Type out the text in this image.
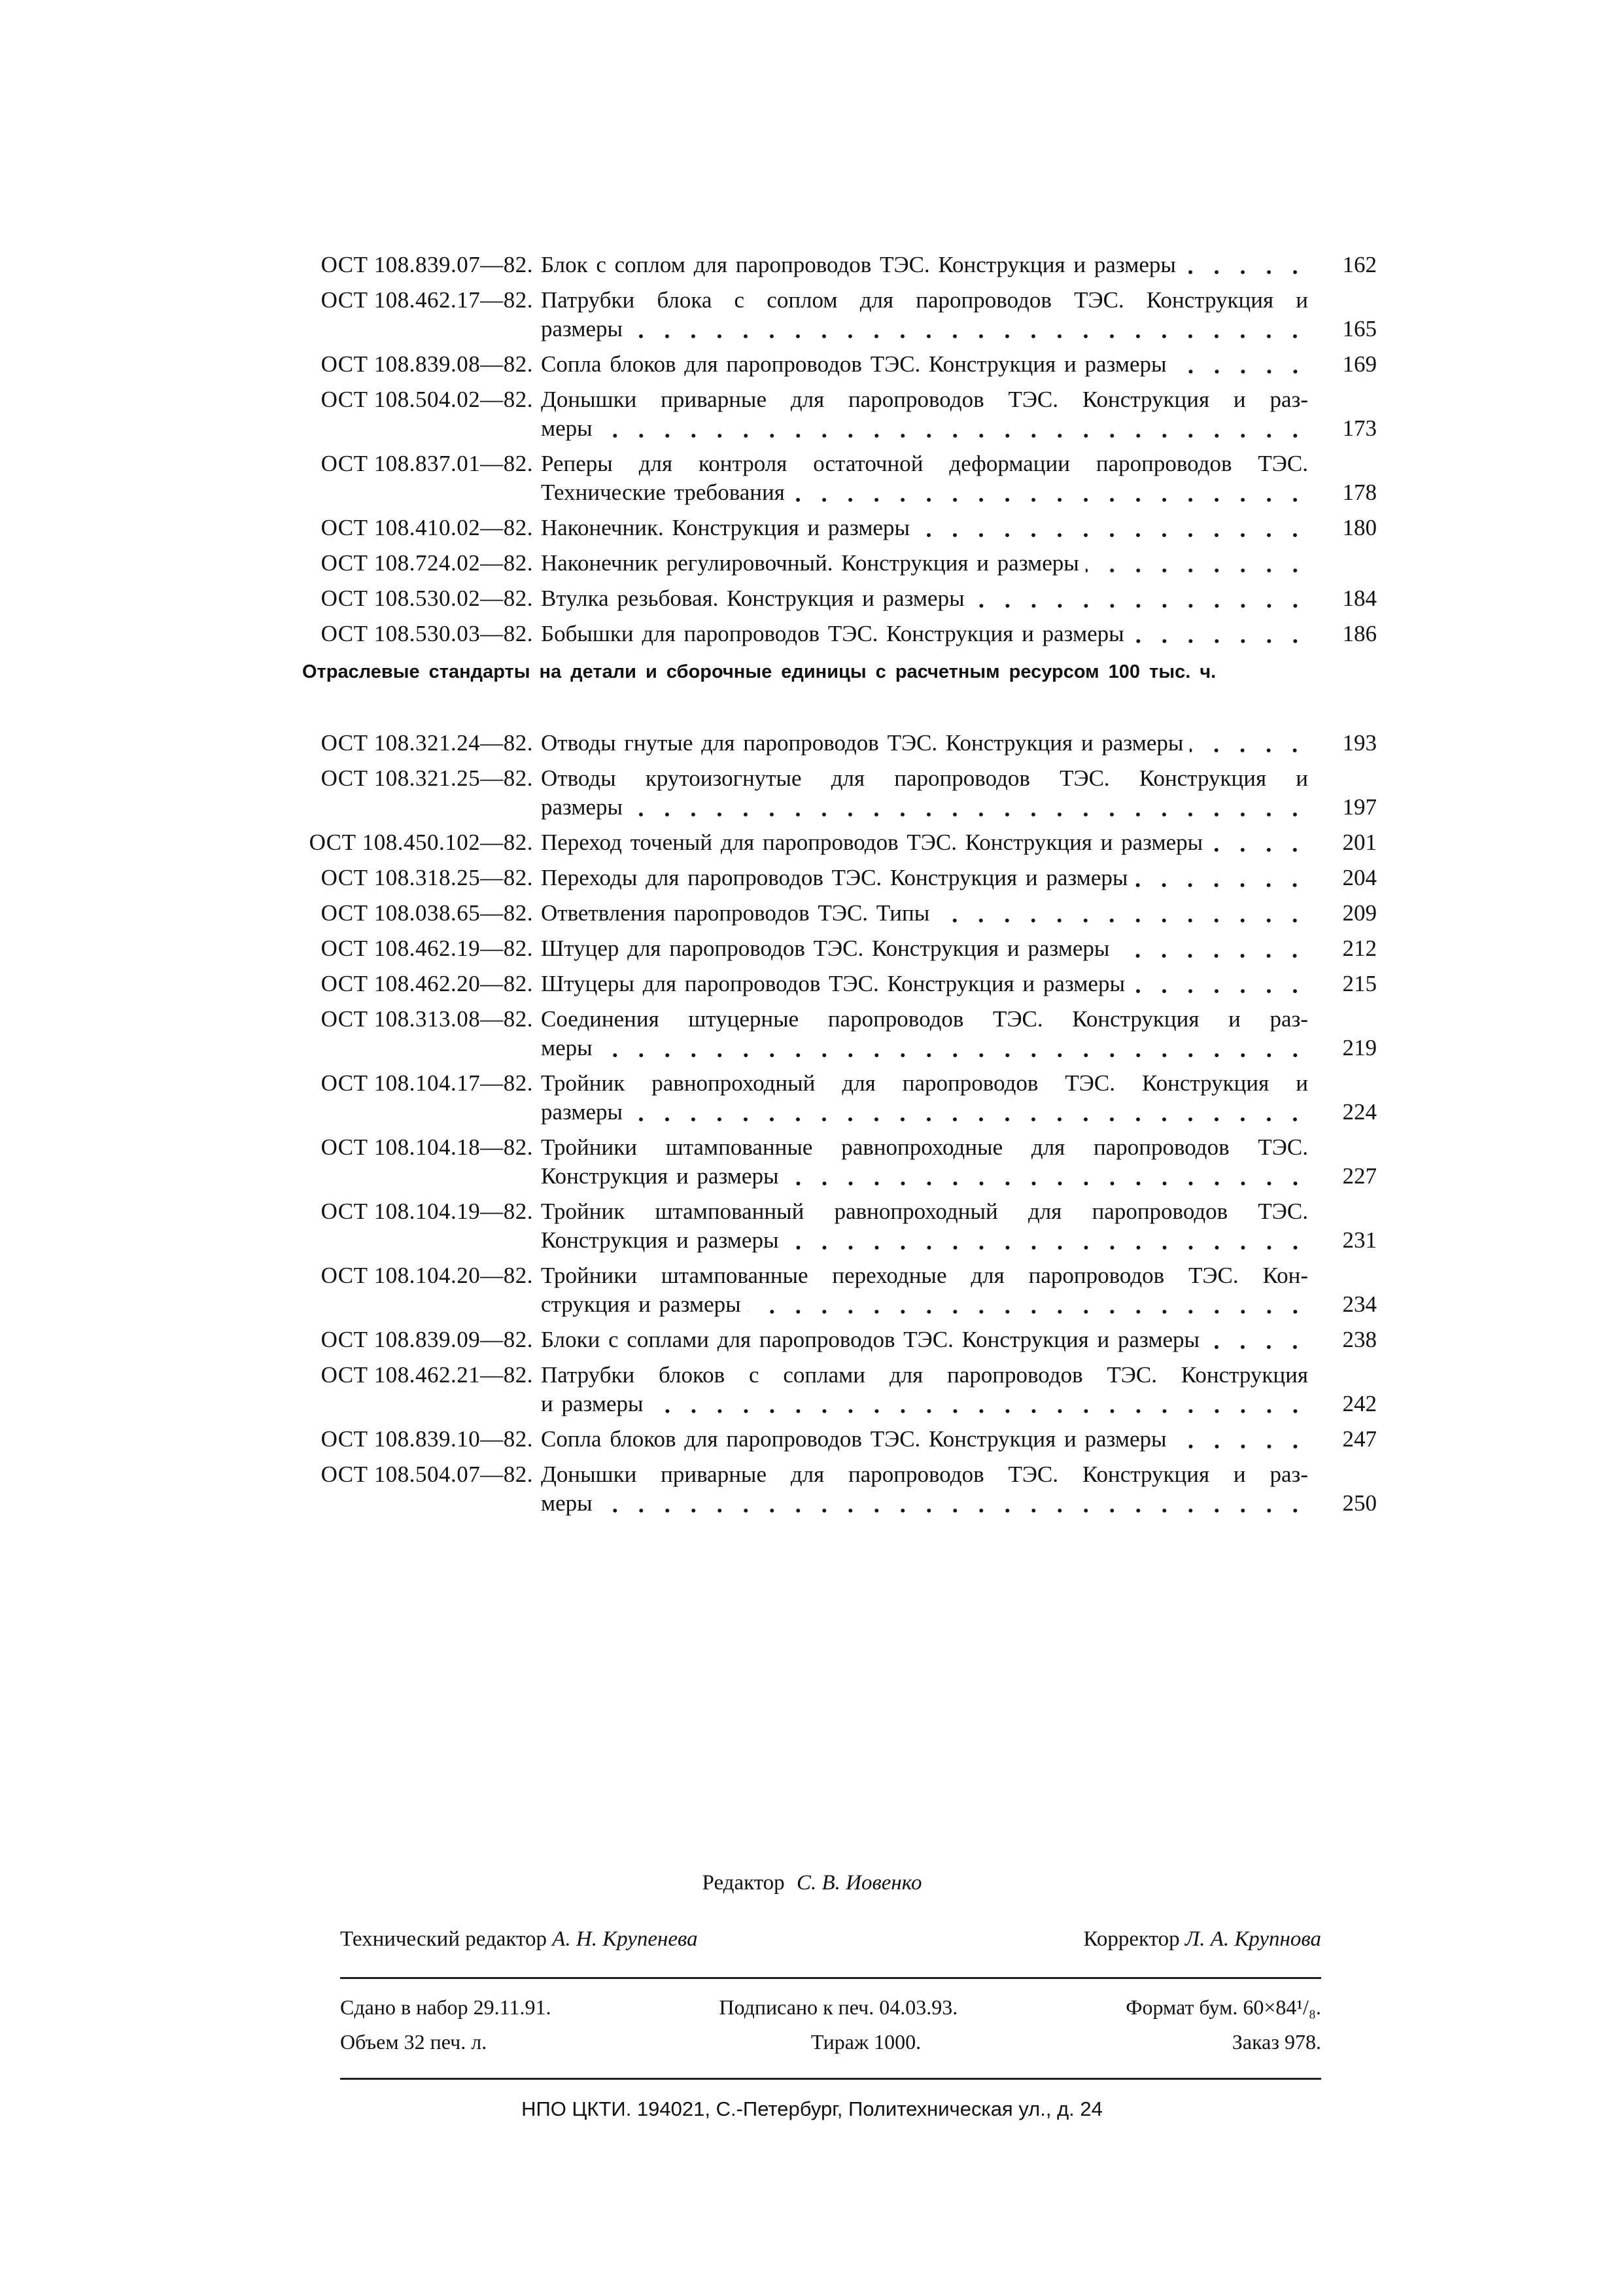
ОСТ 108.839.07—82. Блок с соплом для паропроводов ТЭС. Конструкция и размеры	162
ОСТ 108.462.17—82. Патрубки блока с соплом для паропроводов ТЭС. Конструкция и
размеры	165
ОСТ 108.839.08—82. Сопла блоков для паропроводов ТЭС. Конструкция и размеры	169
ОСТ 108.504.02—82. Донышки приварные для паропроводов ТЭС. Конструкция и раз-
меры	173
ОСТ 108.837.01—82. Реперы для контроля остаточной деформации паропроводов ТЭС.
Технические требования	178
ОСТ 108.410.02—82. Наконечник. Конструкция и размеры	180
ОСТ 108.724.02—82. Наконечник регулировочный. Конструкция и размеры
ОСТ 108.530.02—82. Втулка резьбовая. Конструкция и размеры	184
ОСТ 108.530.03—82. Бобышки для паропроводов ТЭС. Конструкция и размеры	186
Отраслевые стандарты на детали и сборочные единицы с расчетным ресурсом 100 тыс. ч.
ОСТ 108.321.24—82. Отводы гнутые для паропроводов ТЭС. Конструкция и размеры	193
ОСТ 108.321.25—82. Отводы крутоизогнутые для паропроводов ТЭС. Конструкция и
размеры	197
ОСТ 108.450.102—82. Переход точеный для паропроводов ТЭС. Конструкция и размеры	201
ОСТ 108.318.25—82. Переходы для паропроводов ТЭС. Конструкция и размеры	204
ОСТ 108.038.65—82. Ответвления паропроводов ТЭС. Типы	209
ОСТ 108.462.19—82. Штуцер для паропроводов ТЭС. Конструкция и размеры	212
ОСТ 108.462.20—82. Штуцеры для паропроводов ТЭС. Конструкция и размеры	215
ОСТ 108.313.08—82. Соединения штуцерные паропроводов ТЭС. Конструкция и раз-
меры	219
ОСТ 108.104.17—82. Тройник равнопроходный для паропроводов ТЭС. Конструкция и
размеры	224
ОСТ 108.104.18—82. Тройники штампованные равнопроходные для паропроводов ТЭС.
Конструкция и размеры	227
ОСТ 108.104.19—82. Тройник штампованный равнопроходный для паропроводов ТЭС.
Конструкция и размеры	231
ОСТ 108.104.20—82. Тройники штампованные переходные для паропроводов ТЭС. Кон-
струкция и размеры	234
ОСТ 108.839.09—82. Блоки с соплами для паропроводов ТЭС. Конструкция и размеры	238
ОСТ 108.462.21—82. Патрубки блоков с соплами для паропроводов ТЭС. Конструкция
и размеры	242
ОСТ 108.839.10—82. Сопла блоков для паропроводов ТЭС. Конструкция и размеры	247
ОСТ 108.504.07—82. Донышки приварные для паропроводов ТЭС. Конструкция и раз-
меры	250
Редактор С. В. Иовенко
Технический редактор А. Н. Крупенева	Корректор Л. А. Крупнова
Сдано в набор 29.11.91.	Подписано к печ. 04.03.93.	Формат бум. 60×84¹/₈.
Объем 32 печ. л.	Тираж 1000.	Заказ 978.
НПО ЦКТИ. 194021, С.-Петербург, Политехническая ул., д. 24
